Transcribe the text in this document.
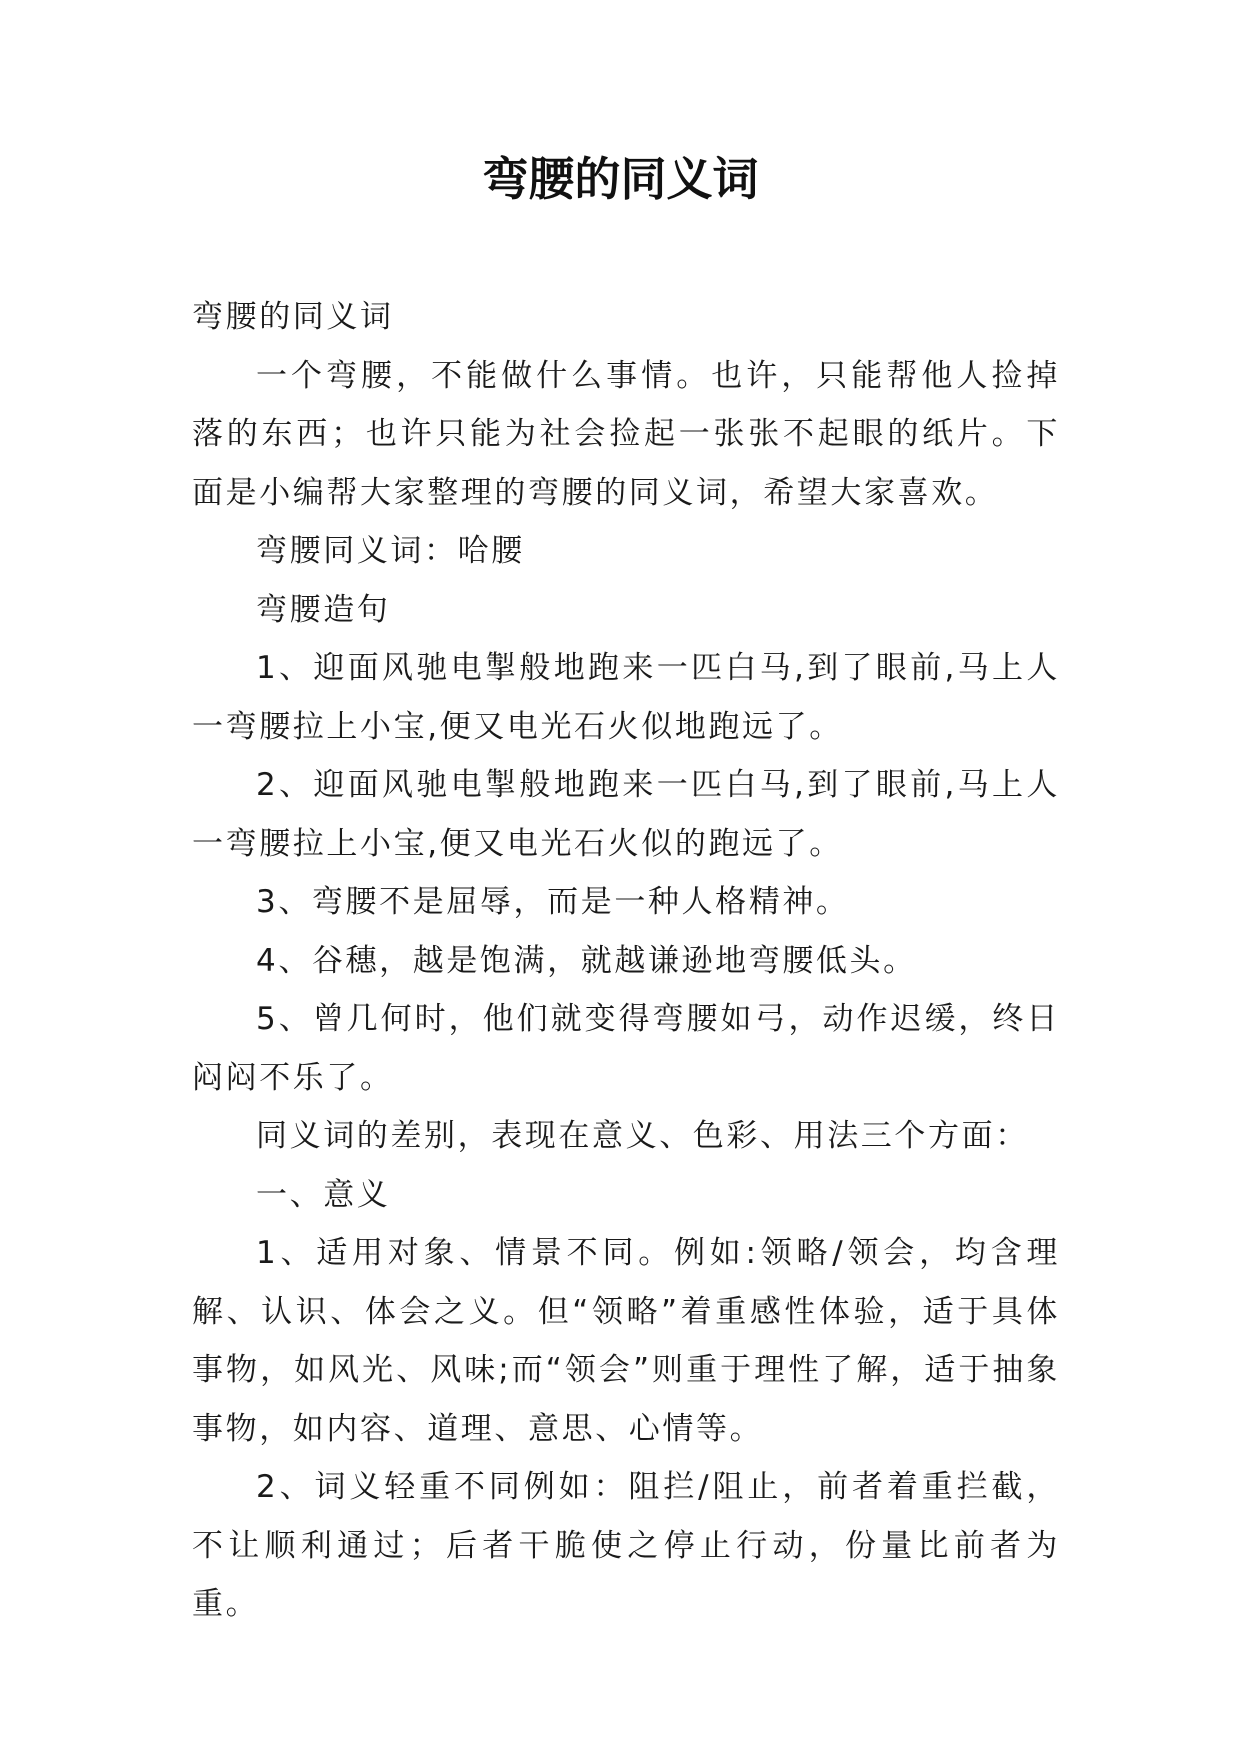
弯腰的同义词

弯腰的同义词

一个弯腰，不能做什么事情。也许，只能帮他人捡掉落的东西；也许只能为社会捡起一张张不起眼的纸片。下面是小编帮大家整理的弯腰的同义词，希望大家喜欢。

弯腰同义词：哈腰

弯腰造句

1、迎面风驰电掣般地跑来一匹白马,到了眼前,马上人一弯腰拉上小宝,便又电光石火似地跑远了。

2、迎面风驰电掣般地跑来一匹白马,到了眼前,马上人一弯腰拉上小宝,便又电光石火似的跑远了。

3、弯腰不是屈辱，而是一种人格精神。

4、谷穗，越是饱满，就越谦逊地弯腰低头。

5、曾几何时，他们就变得弯腰如弓，动作迟缓，终日闷闷不乐了。

同义词的差别，表现在意义、色彩、用法三个方面：

一、意义

1、适用对象、情景不同。例如:领略/领会，均含理解、认识、体会之义。但“领略”着重感性体验，适于具体事物，如风光、风味;而“领会”则重于理性了解，适于抽象事物，如内容、道理、意思、心情等。

2、词义轻重不同例如：阻拦/阻止，前者着重拦截，不让顺利通过；后者干脆使之停止行动，份量比前者为重。
